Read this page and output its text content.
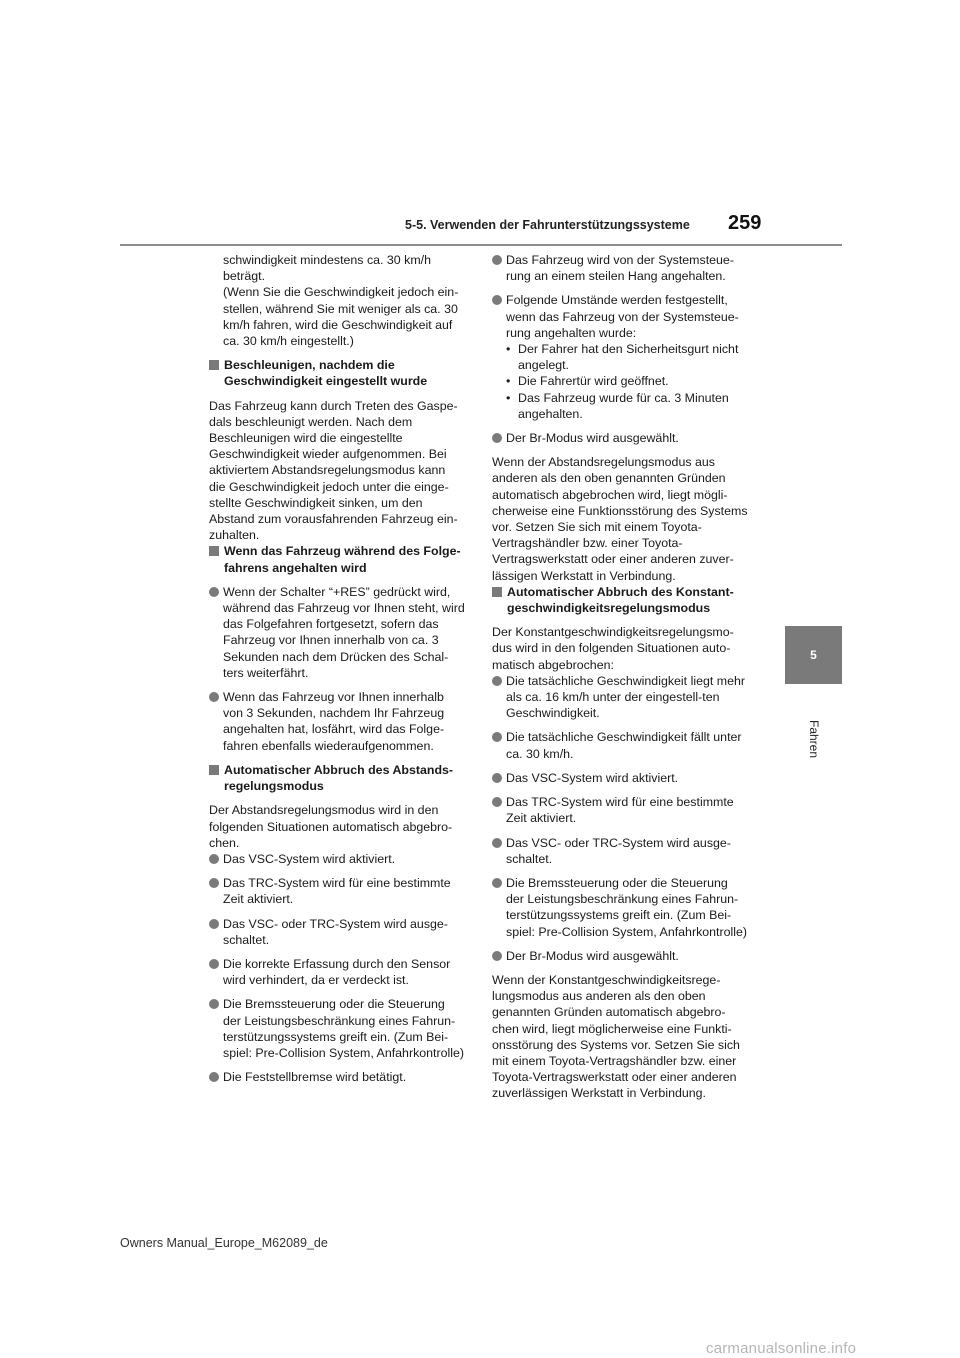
5-5. Verwenden der Fahrunterstützungssysteme	259
5
Fahren

schwindigkeit mindestens ca. 30 km/h beträgt.

(Wenn Sie die Geschwindigkeit jedoch ein-stellen, während Sie mit weniger als ca. 30 km/h fahren, wird die Geschwindigkeit auf ca. 30 km/h eingestellt.)

Beschleunigen, nachdem die Geschwindigkeit eingestellt wurde

Das Fahrzeug kann durch Treten des Gaspe-dals beschleunigt werden. Nach dem Beschleunigen wird die eingestellte Geschwindigkeit wieder aufgenommen. Bei aktiviertem Abstandsregelungsmodus kann die Geschwindigkeit jedoch unter die einge-stellte Geschwindigkeit sinken, um den Abstand zum vorausfahrenden Fahrzeug ein-zuhalten.

Wenn das Fahrzeug während des Folge-fahrens angehalten wird
Wenn der Schalter “+RES” gedrückt wird, während das Fahrzeug vor Ihnen steht, wird das Folgefahren fortgesetzt, sofern das Fahrzeug vor Ihnen innerhalb von ca. 3 Sekunden nach dem Drücken des Schal-ters weiterfährt.
Wenn das Fahrzeug vor Ihnen innerhalb von 3 Sekunden, nachdem Ihr Fahrzeug angehalten hat, losfährt, wird das Folge-fahren ebenfalls wiederaufgenommen.
Automatischer Abbruch des Abstands-regelungsmodus

Der Abstandsregelungsmodus wird in den folgenden Situationen automatisch abgebro-chen.

Das VSC-System wird aktiviert.
Das TRC-System wird für eine bestimmte Zeit aktiviert.
Das VSC- oder TRC-System wird ausge-schaltet.
Die korrekte Erfassung durch den Sensor wird verhindert, da er verdeckt ist.
Die Bremssteuerung oder die Steuerung der Leistungsbeschränkung eines Fahrun-terstützungssystems greift ein. (Zum Bei-spiel: Pre-Collision System, Anfahrkontrolle)
Die Feststellbremse wird betätigt.
Das Fahrzeug wird von der Systemsteue-rung an einem steilen Hang angehalten.
Folgende Umstände werden festgestellt, wenn das Fahrzeug von der Systemsteue-rung angehalten wurde:
• Der Fahrer hat den Sicherheitsgurt nicht angelegt.
• Die Fahrertür wird geöffnet.
• Das Fahrzeug wurde für ca. 3 Minuten angehalten.
Der Br-Modus wird ausgewählt.

Wenn der Abstandsregelungsmodus aus anderen als den oben genannten Gründen automatisch abgebrochen wird, liegt mögli-cherweise eine Funktionsstörung des Systems vor. Setzen Sie sich mit einem Toyota-Vertragshändler bzw. einer Toyota-Vertragswerkstatt oder einer anderen zuver-lässigen Werkstatt in Verbindung.

Automatischer Abbruch des Konstant-geschwindigkeitsregelungsmodus

Der Konstantgeschwindigkeitsregelungsmo-dus wird in den folgenden Situationen auto-matisch abgebrochen:

Die tatsächliche Geschwindigkeit liegt mehr als ca. 16 km/h unter der eingestell-ten Geschwindigkeit.
Die tatsächliche Geschwindigkeit fällt unter ca. 30 km/h.
Das VSC-System wird aktiviert.
Das TRC-System wird für eine bestimmte Zeit aktiviert.
Das VSC- oder TRC-System wird ausge-schaltet.
Die Bremssteuerung oder die Steuerung der Leistungsbeschränkung eines Fahrun-terstützungssystems greift ein. (Zum Bei-spiel: Pre-Collision System, Anfahrkontrolle)
Der Br-Modus wird ausgewählt.

Wenn der Konstantgeschwindigkeitsrege-lungsmodus aus anderen als den oben genannten Gründen automatisch abgebro-chen wird, liegt möglicherweise eine Funkti-onsstörung des Systems vor. Setzen Sie sich mit einem Toyota-Vertragshändler bzw. einer Toyota-Vertragswerkstatt oder einer anderen zuverlässigen Werkstatt in Verbindung.

Owners Manual_Europe_M62089_de
carmanualsonline.info
